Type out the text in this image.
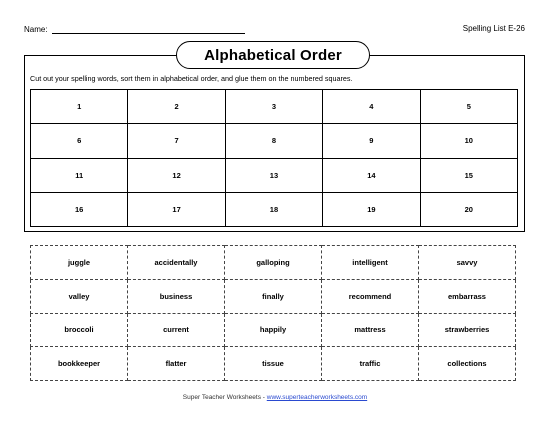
Name:	Spelling List E-26
Alphabetical Order
Cut out your spelling words, sort them in alphabetical order, and glue them on the numbered squares.
1	2	3	4	5
6	7	8	9	10
11	12	13	14	15
16	17	18	19	20
juggle	accidentally	galloping	intelligent	savvy
valley	business	finally	recommend	embarrass
broccoli	current	happily	mattress	strawberries
bookkeeper	flatter	tissue	traffic	collections
Super Teacher Worksheets - www.superteacherworksheets.com
